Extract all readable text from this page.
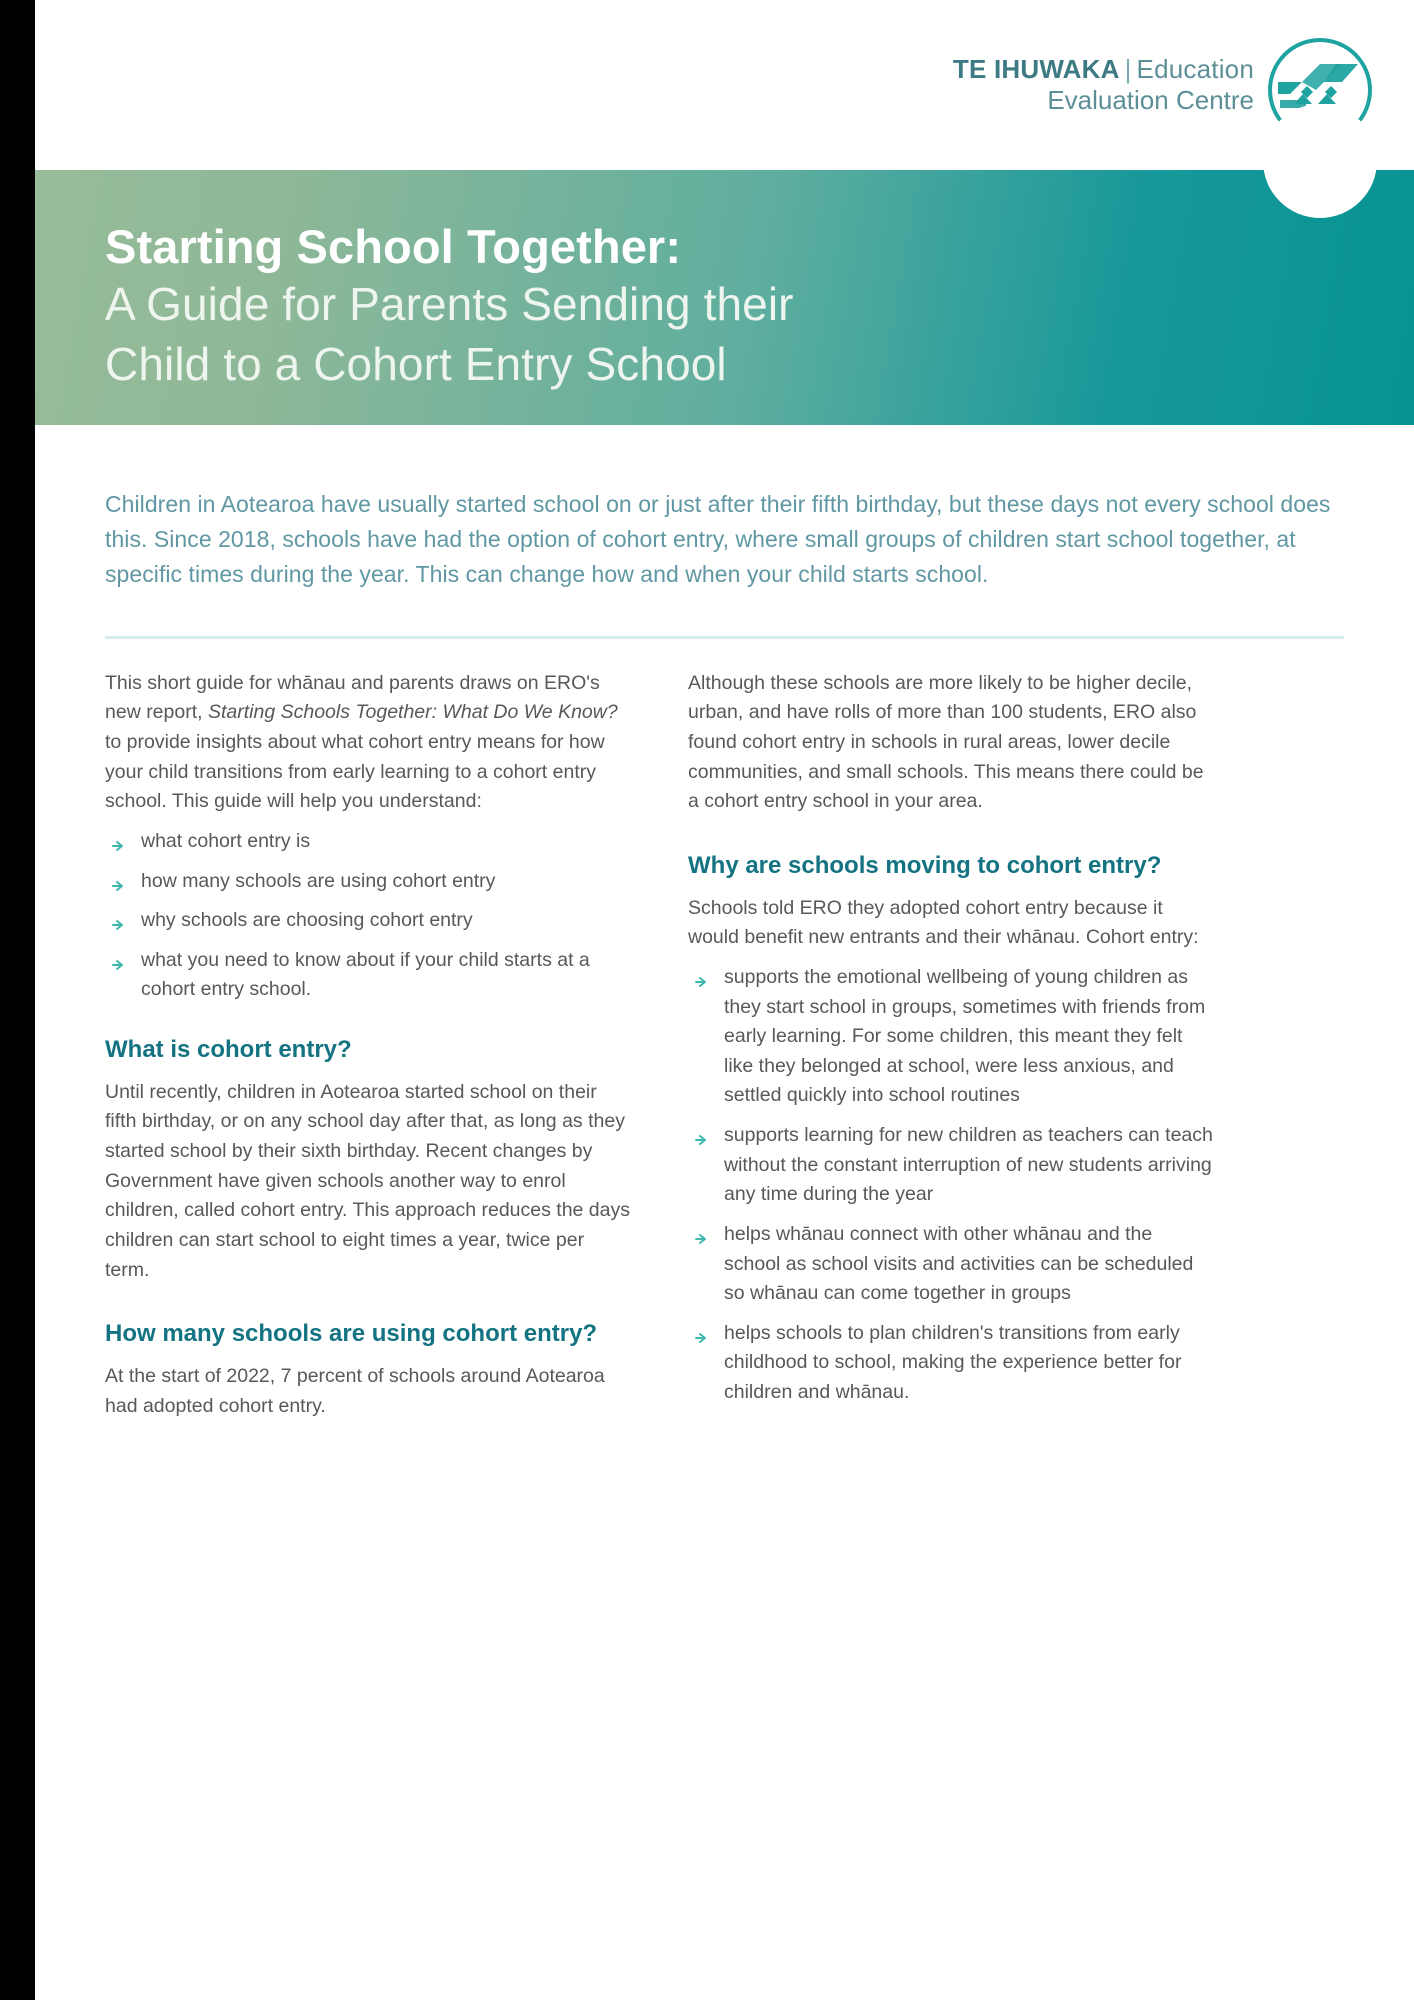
TE IHUWAKA | Education
Evaluation Centre
Starting School Together:
A Guide for Parents Sending their
Child to a Cohort Entry School
Children in Aotearoa have usually started school on or just after their fifth birthday, but these days not every school does this. Since 2018, schools have had the option of cohort entry, where small groups of children start school together, at specific times during the year. This can change how and when your child starts school.

This short guide for whānau and parents draws on ERO's new report, Starting Schools Together: What Do We Know? to provide insights about what cohort entry means for how your child transitions from early learning to a cohort entry school. This guide will help you understand:

what cohort entry is
how many schools are using cohort entry
why schools are choosing cohort entry
what you need to know about if your child starts at a cohort entry school.
What is cohort entry?

Until recently, children in Aotearoa started school on their fifth birthday, or on any school day after that, as long as they started school by their sixth birthday. Recent changes by Government have given schools another way to enrol children, called cohort entry. This approach reduces the days children can start school to eight times a year, twice per term.

How many schools are using cohort entry?

At the start of 2022, 7 percent of schools around Aotearoa had adopted cohort entry.

Although these schools are more likely to be higher decile, urban, and have rolls of more than 100 students, ERO also found cohort entry in schools in rural areas, lower decile communities, and small schools. This means there could be a cohort entry school in your area.

Why are schools moving to cohort entry?

Schools told ERO they adopted cohort entry because it would benefit new entrants and their whānau. Cohort entry:

supports the emotional wellbeing of young children as they start school in groups, sometimes with friends from early learning. For some children, this meant they felt like they belonged at school, were less anxious, and settled quickly into school routines
supports learning for new children as teachers can teach without the constant interruption of new students arriving any time during the year
helps whānau connect with other whānau and the school as school visits and activities can be scheduled so whānau can come together in groups
helps schools to plan children's transitions from early childhood to school, making the experience better for children and whānau.
